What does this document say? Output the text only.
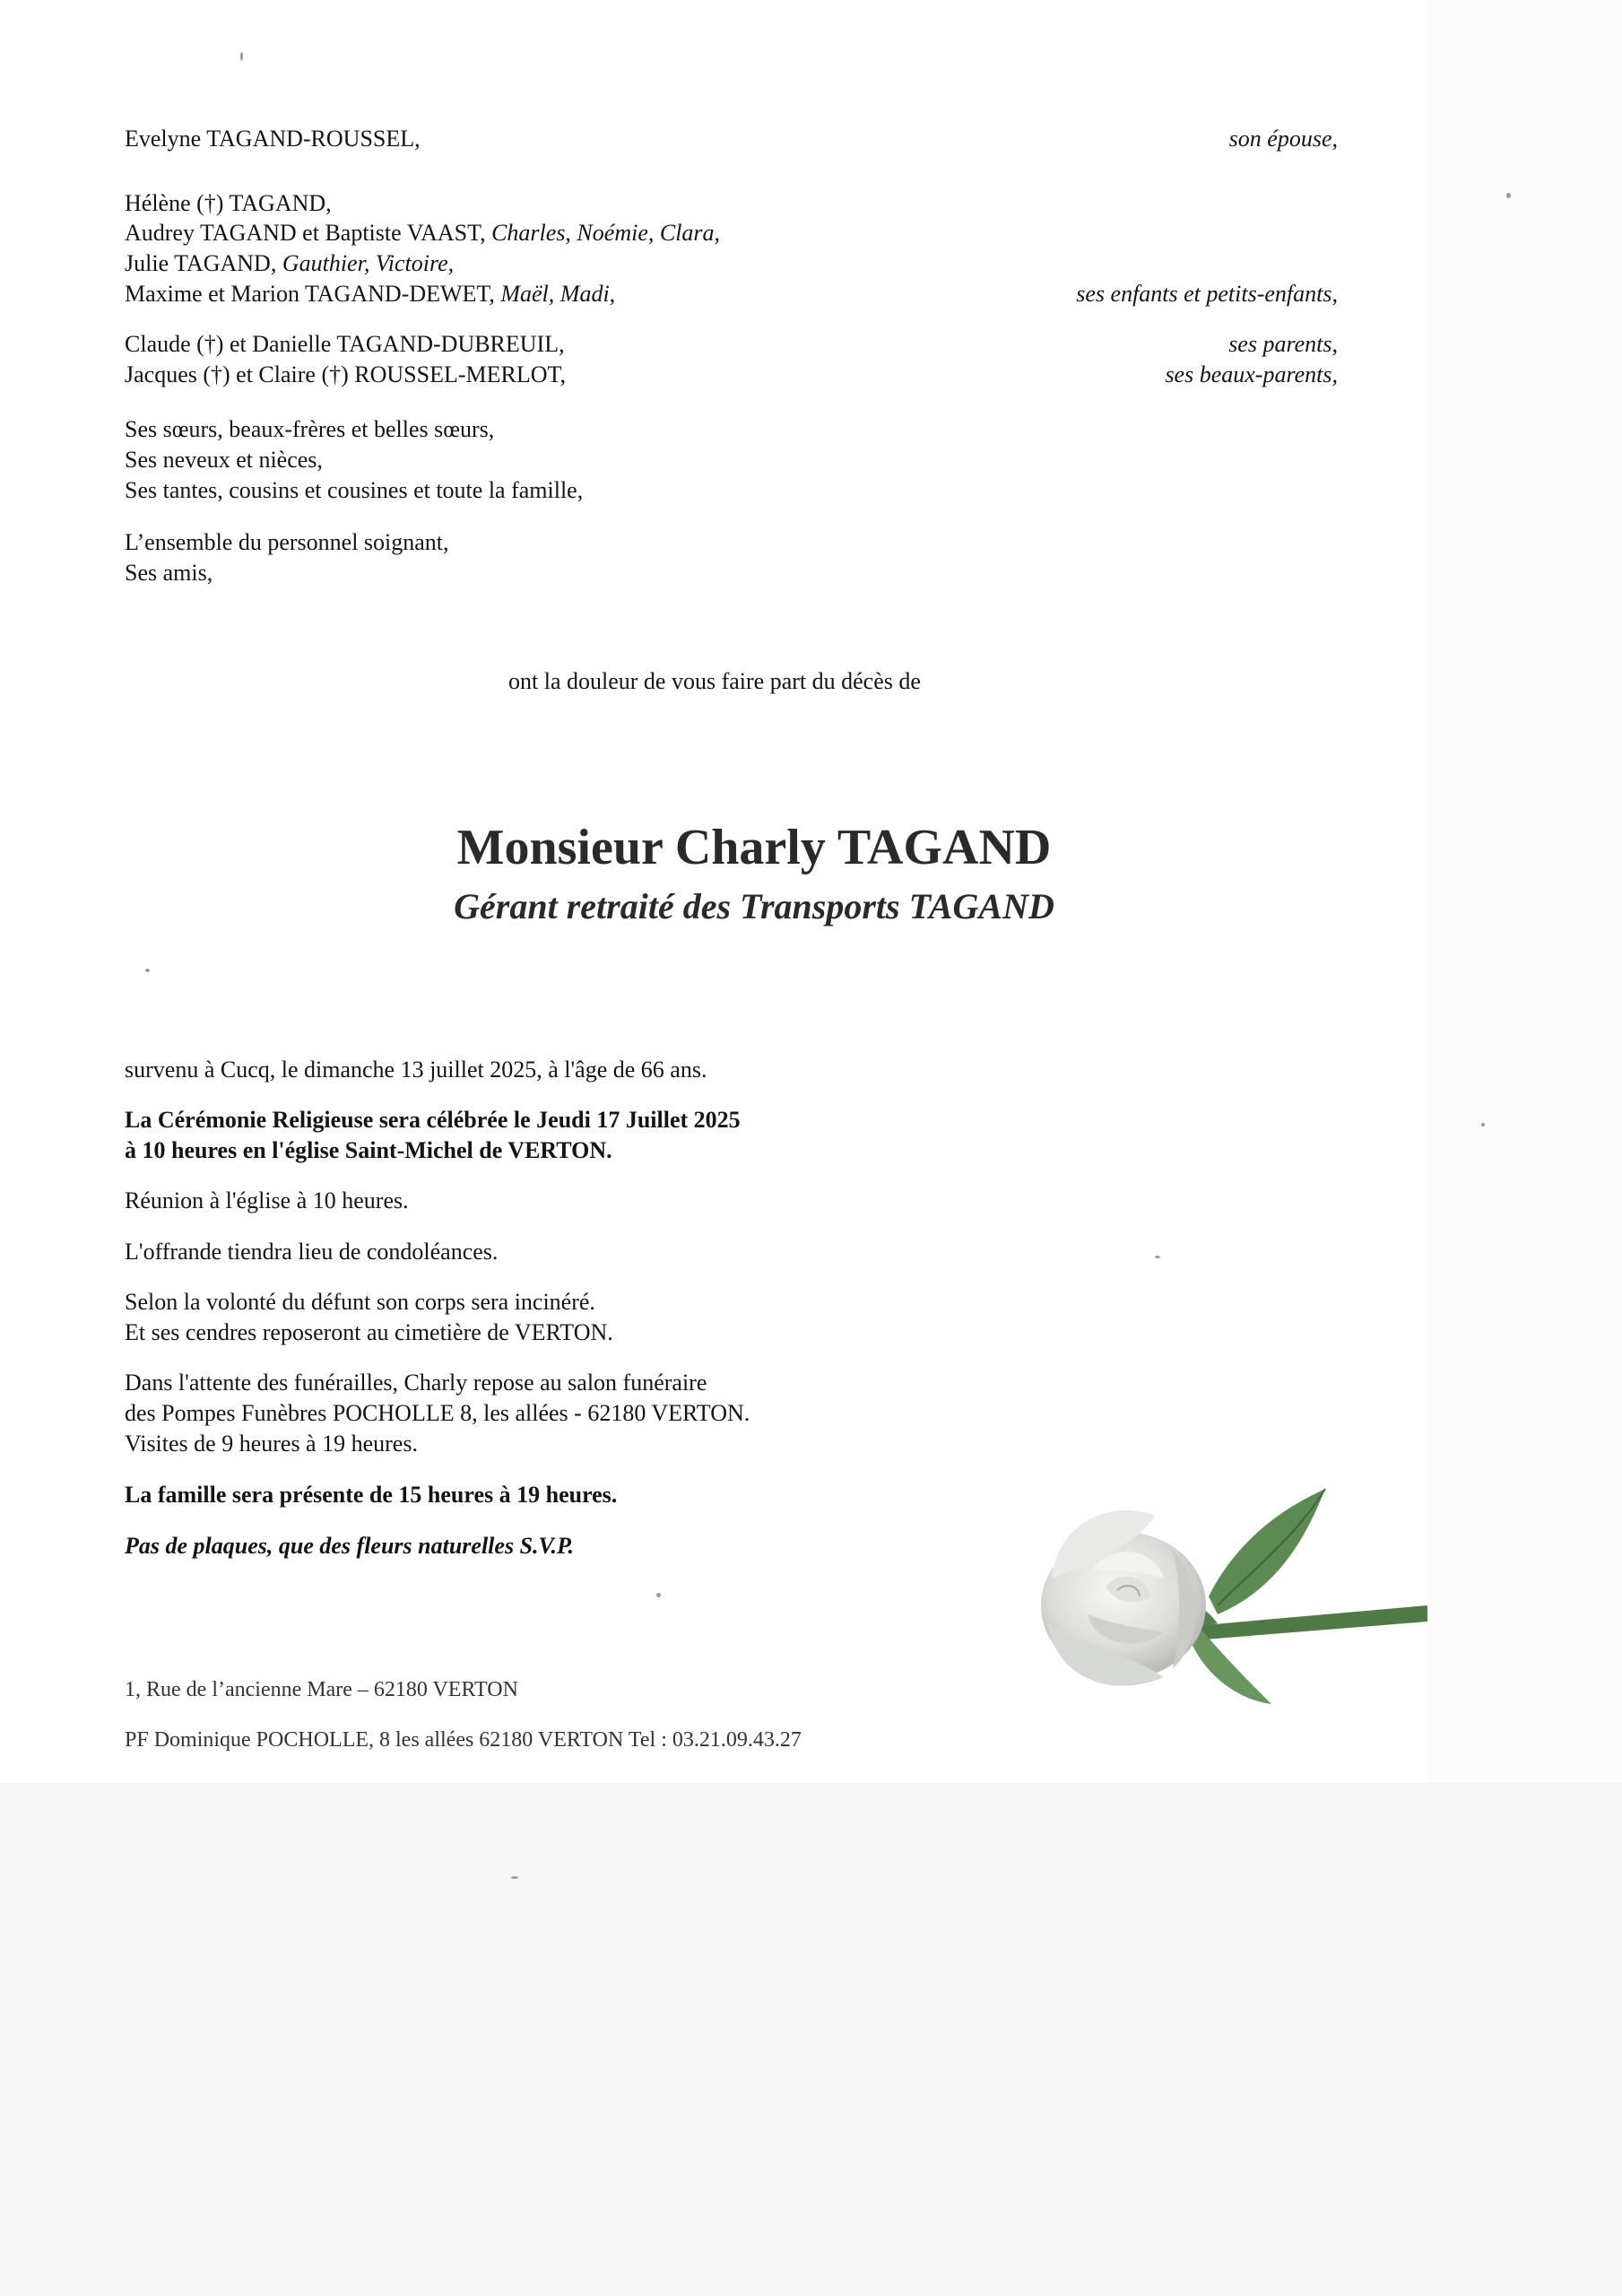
Evelyne TAGAND-ROUSSEL,	son épouse,
Hélène (†) TAGAND,
Audrey TAGAND et Baptiste VAAST, Charles, Noémie, Clara,
Julie TAGAND, Gauthier, Victoire,
Maxime et Marion TAGAND-DEWET, Maël, Madi,	ses enfants et petits-enfants,
Claude (†) et Danielle TAGAND-DUBREUIL,	ses parents,
Jacques (†) et Claire (†) ROUSSEL-MERLOT,	ses beaux-parents,
Ses sœurs, beaux-frères et belles sœurs,
Ses neveux et nièces,
Ses tantes, cousins et cousines et toute la famille,
L’ensemble du personnel soignant,
Ses amis,
ont la douleur de vous faire part du décès de
Monsieur Charly TAGAND
Gérant retraité des Transports TAGAND
survenu à Cucq, le dimanche 13 juillet 2025, à l'âge de 66 ans.
La Cérémonie Religieuse sera célébrée le Jeudi 17 Juillet 2025
à 10 heures en l'église Saint-Michel de VERTON.
Réunion à l'église à 10 heures.
L'offrande tiendra lieu de condoléances.
Selon la volonté du défunt son corps sera incinéré.
Et ses cendres reposeront au cimetière de VERTON.
Dans l'attente des funérailles, Charly repose au salon funéraire
des Pompes Funèbres POCHOLLE 8, les allées - 62180 VERTON.
Visites de 9 heures à 19 heures.
La famille sera présente de 15 heures à 19 heures.
Pas de plaques, que des fleurs naturelles S.V.P.
1, Rue de l’ancienne Mare – 62180 VERTON
PF Dominique POCHOLLE, 8 les allées 62180 VERTON Tel : 03.21.09.43.27
